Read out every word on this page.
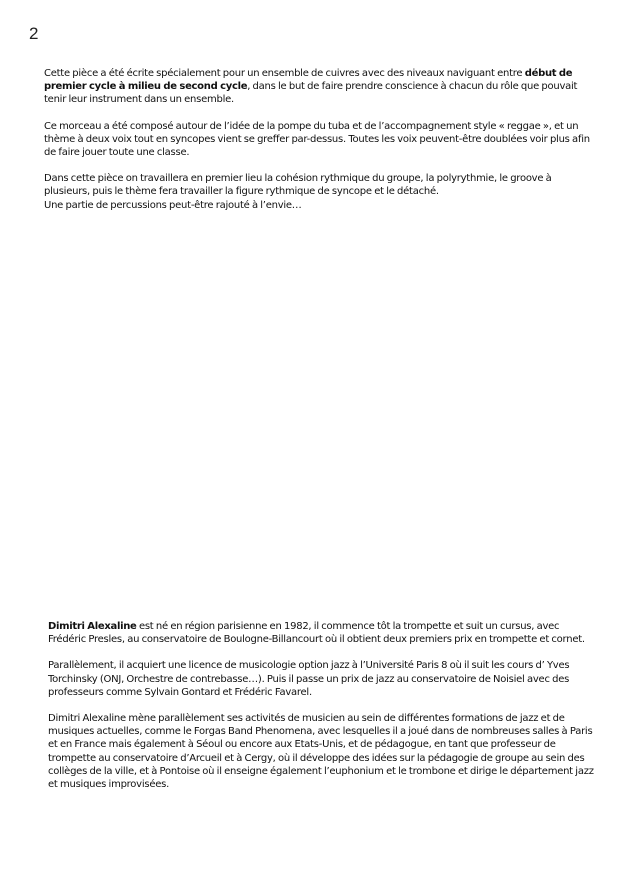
2

Cette pièce a été écrite spécialement pour un ensemble de cuivres avec des niveaux naviguant entre début de premier cycle à milieu de second cycle, dans le but de faire prendre conscience à chacun du rôle que pouvait tenir leur instrument dans un ensemble.

Ce morceau a été composé autour de l’idée de la pompe du tuba et de l’accompagnement style « reggae », et un thème à deux voix tout en syncopes vient se greffer par-dessus. Toutes les voix peuvent-être doublées voir plus afin de faire jouer toute une classe.

Dans cette pièce on travaillera en premier lieu la cohésion rythmique du groupe, la polyrythmie, le groove à plusieurs, puis le thème fera travailler la figure rythmique de syncope et le détaché.

Une partie de percussions peut-être rajouté à l’envie…

Dimitri Alexaline est né en région parisienne en 1982, il commence tôt la trompette et suit un cursus, avec Frédéric Presles, au conservatoire de Boulogne-Billancourt où il obtient deux premiers prix en trompette et cornet.

Parallèlement, il acquiert une licence de musicologie option jazz à l’Université Paris 8 où il suit les cours d’ Yves Torchinsky (ONJ, Orchestre de contrebasse…). Puis il passe un prix de jazz au conservatoire de Noisiel avec des professeurs comme Sylvain Gontard et Frédéric Favarel.

Dimitri Alexaline mène parallèlement ses activités de musicien au sein de différentes formations de jazz et de musiques actuelles, comme le Forgas Band Phenomena, avec lesquelles il a joué dans de nombreuses salles à Paris et en France mais également à Séoul ou encore aux Etats-Unis, et de pédagogue, en tant que professeur de trompette au conservatoire d’Arcueil et à Cergy, où il développe des idées sur la pédagogie de groupe au sein des collèges de la ville, et à Pontoise où il enseigne également l’euphonium et le trombone et dirige le département jazz et musiques improvisées.
